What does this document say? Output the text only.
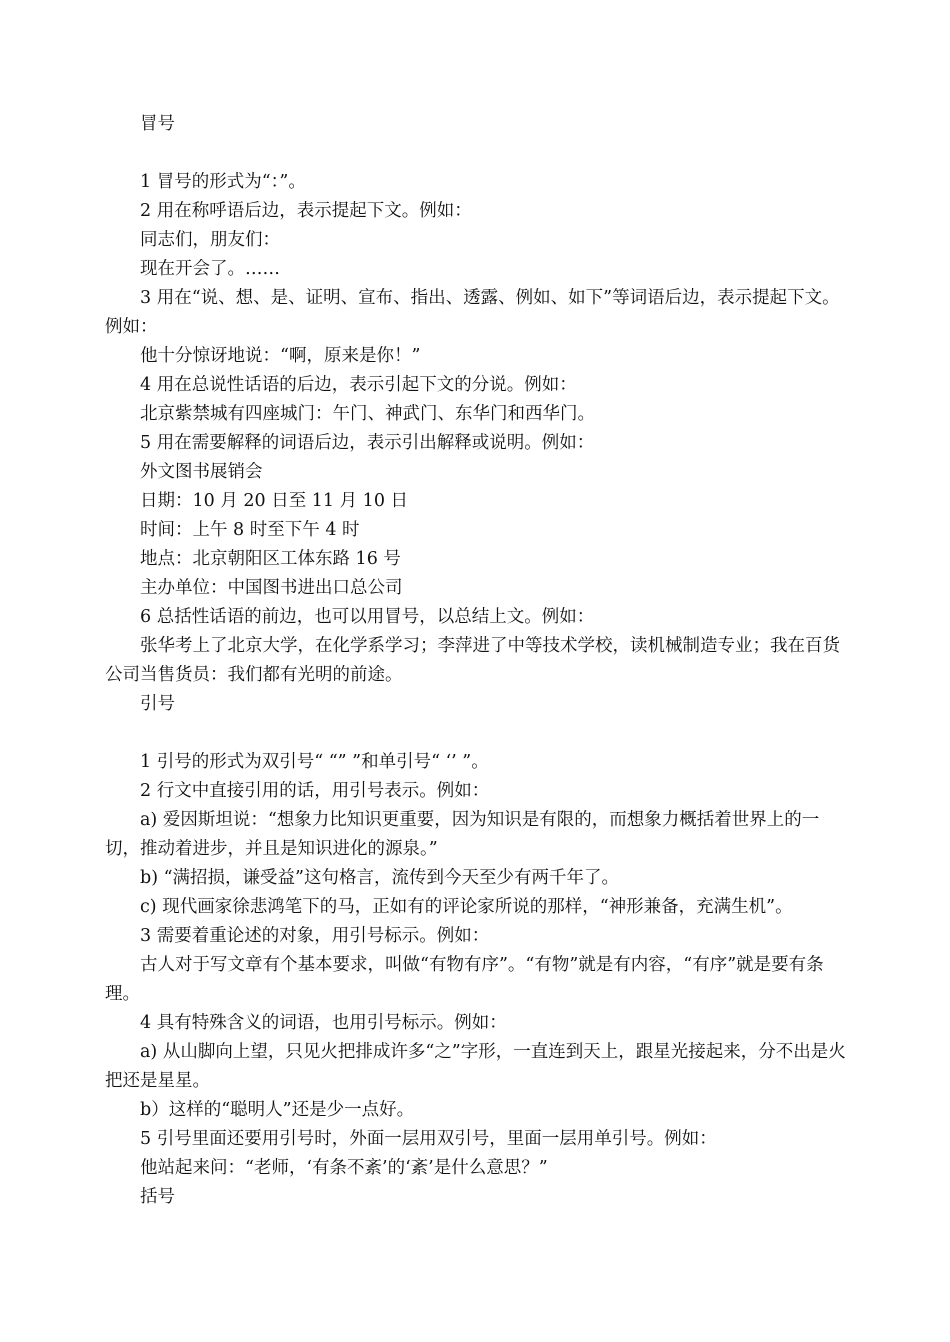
冒号

1 冒号的形式为“：”。

2 用在称呼语后边，表示提起下文。例如：

同志们，朋友们：

现在开会了。……

3 用在“说、想、是、证明、宣布、指出、透露、例如、如下”等词语后边，表示提起下文。例如：

他十分惊讶地说：“啊，原来是你！”

4 用在总说性话语的后边，表示引起下文的分说。例如：

北京紫禁城有四座城门：午门、神武门、东华门和西华门。

5 用在需要解释的词语后边，表示引出解释或说明。例如：

外文图书展销会

日期：10 月 20 日至 11 月 10 日

时间：上午 8 时至下午 4 时

地点：北京朝阳区工体东路 16 号

主办单位：中国图书进出口总公司

6 总括性话语的前边，也可以用冒号，以总结上文。例如：

张华考上了北京大学，在化学系学习；李萍进了中等技术学校，读机械制造专业；我在百货公司当售货员：我们都有光明的前途。

引号

1 引号的形式为双引号“ “” ”和单引号“ ‘’ ”。

2 行文中直接引用的话，用引号表示。例如：

a) 爱因斯坦说：“想象力比知识更重要，因为知识是有限的，而想象力概括着世界上的一切，推动着进步，并且是知识进化的源泉。”

b) “满招损，谦受益”这句格言，流传到今天至少有两千年了。

c) 现代画家徐悲鸿笔下的马，正如有的评论家所说的那样，“神形兼备，充满生机”。

3 需要着重论述的对象，用引号标示。例如：

古人对于写文章有个基本要求，叫做“有物有序”。“有物”就是有内容，“有序”就是要有条理。

4 具有特殊含义的词语，也用引号标示。例如：

a) 从山脚向上望，只见火把排成许多“之”字形，一直连到天上，跟星光接起来，分不出是火把还是星星。

b）这样的“聪明人”还是少一点好。

5 引号里面还要用引号时，外面一层用双引号，里面一层用单引号。例如：

他站起来问：“老师，‘有条不紊’的‘紊’是什么意思？”

括号
